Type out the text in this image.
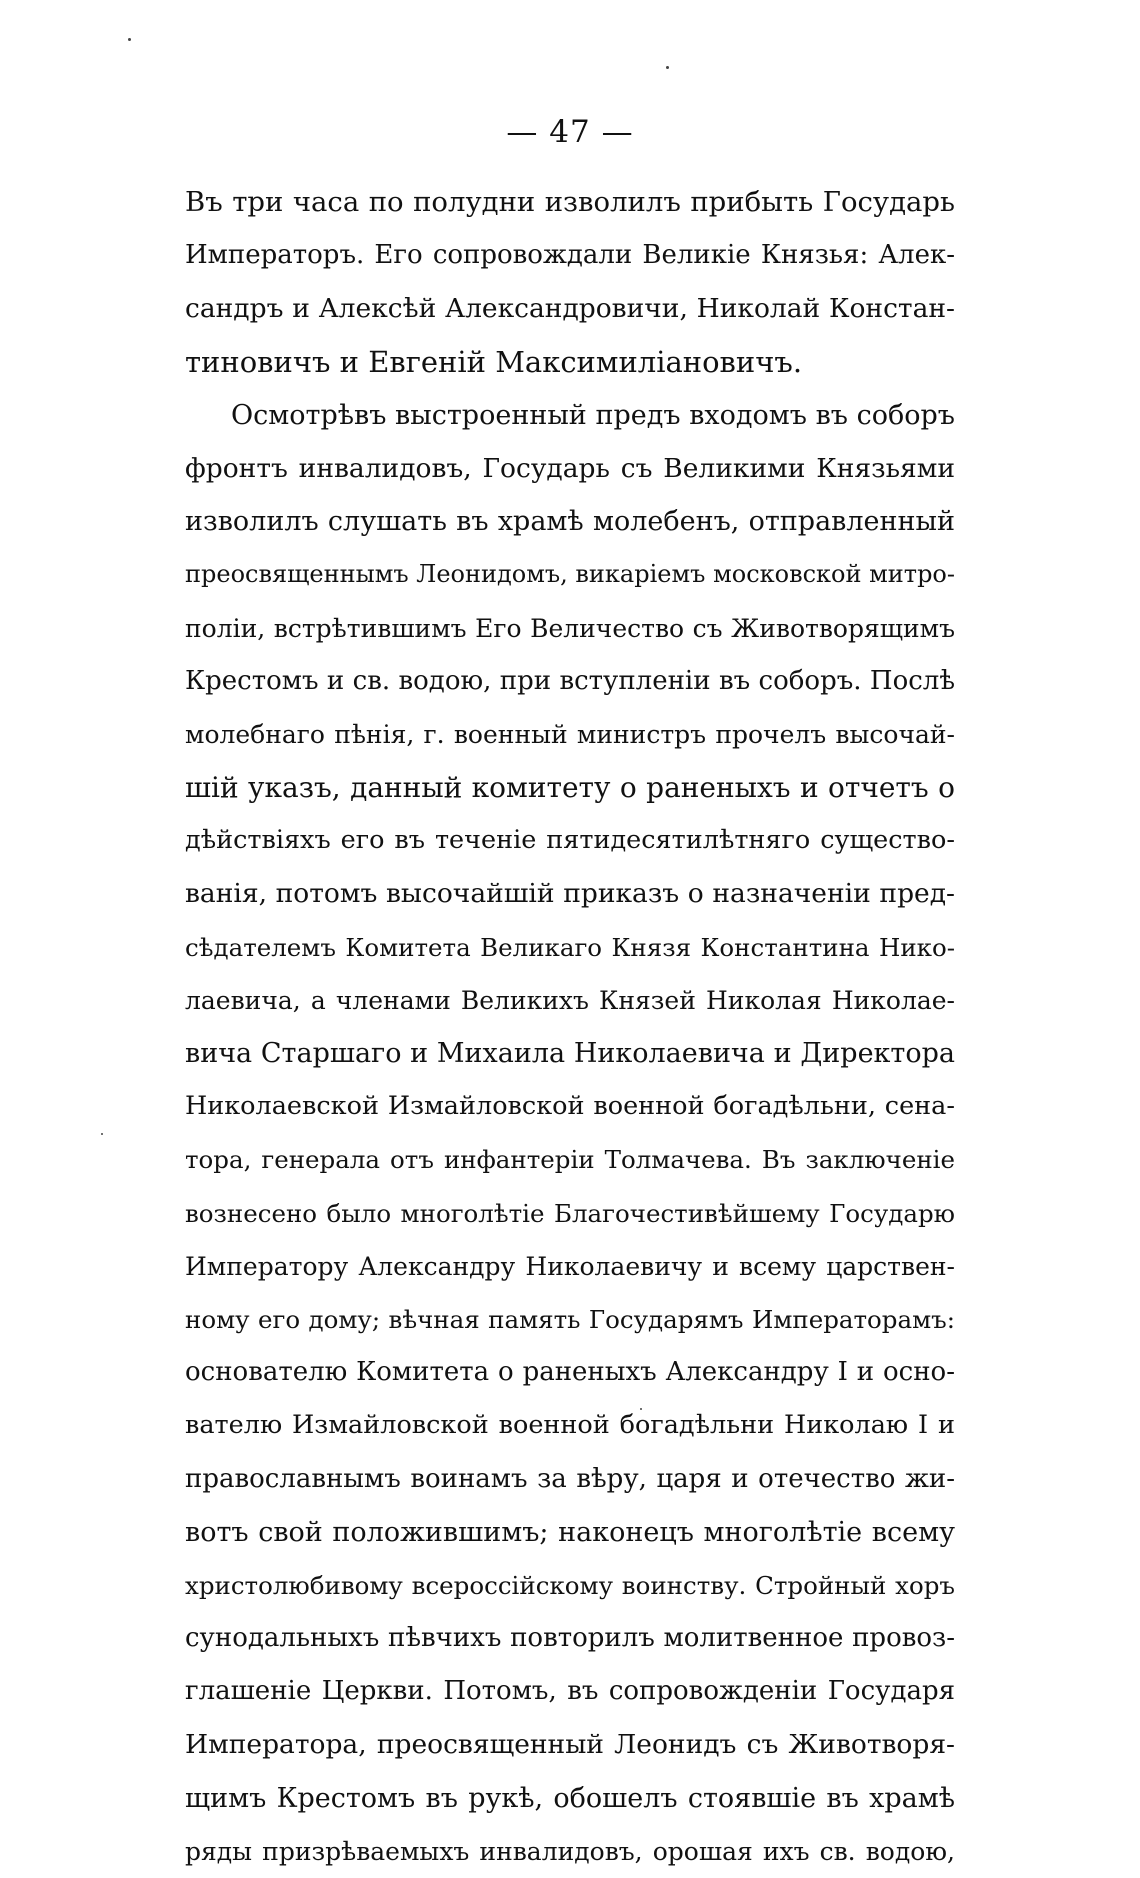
— 47 —
Въ три часа по полудни изволилъ прибыть Государь
Императоръ. Его сопровождали Великіе Князья: Алек-
сандръ и Алексѣй Александровичи, Николай Констан-
тиновичъ и Евгеній Максимиліановичъ.
Осмотрѣвъ выстроенный предъ входомъ въ соборъ
фронтъ инвалидовъ, Государь съ Великими Князьями
изволилъ слушать въ храмѣ молебенъ, отправленный
преосвященнымъ Леонидомъ, викаріемъ московской митро-
поліи, встрѣтившимъ Его Величество съ Животворящимъ
Крестомъ и св. водою, при вступленіи въ соборъ. Послѣ
молебнаго пѣнія, г. военный министръ прочелъ высочай-
шій указъ, данный комитету о раненыхъ и отчетъ о
дѣйствіяхъ его въ теченіе пятидесятилѣтняго существо-
ванія, потомъ высочайшій приказъ о назначеніи пред-
сѣдателемъ Комитета Великаго Князя Константина Нико-
лаевича, а членами Великихъ Князей Николая Николае-
вича Старшаго и Михаила Николаевича и Директора
Николаевской Измайловской военной богадѣльни, сена-
тора, генерала отъ инфантеріи Толмачева. Въ заключеніе
вознесено было многолѣтіе Благочестивѣйшему Государю
Императору Александру Николаевичу и всему царствен-
ному его дому; вѣчная память Государямъ Императорамъ:
основателю Комитета о раненыхъ Александру I и осно-
вателю Измайловской военной богадѣльни Николаю I и
православнымъ воинамъ за вѣру, царя и отечество жи-
вотъ свой положившимъ; наконецъ многолѣтіе всему
христолюбивому всероссійскому воинству. Стройный хоръ
сунодальныхъ пѣвчихъ повторилъ молитвенное провоз-
глашеніе Церкви. Потомъ, въ сопровожденіи Государя
Императора, преосвященный Леонидъ съ Животворя-
щимъ Крестомъ въ рукѣ, обошелъ стоявшіе въ храмѣ
ряды призрѣваемыхъ инвалидовъ, орошая ихъ св. водою,
